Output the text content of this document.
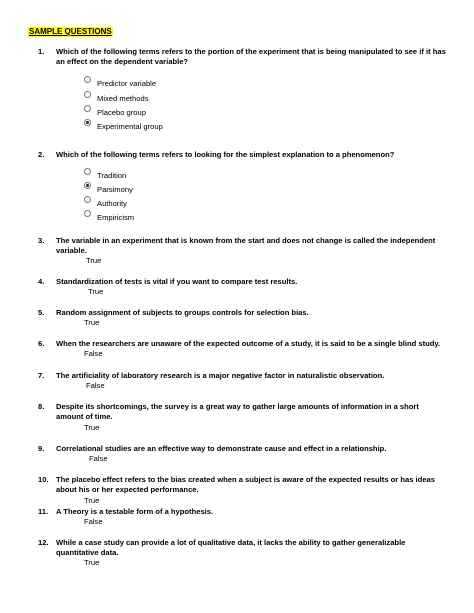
SAMPLE QUESTIONS
1.	Which of the following terms refers to the portion of the experiment that is being manipulated to see if it has an effect on the dependent variable?
Predictor variable
Mixed methods
Placebo group
Experimental group
2.	Which of the following terms refers to looking for the simplest explanation to a phenomenon?
Tradition
Parsimony
Authority
Empiricism
3.	The variable in an experiment that is known from the start and does not change is called the independent variable.
True
4.	Standardization of tests is vital if you want to compare test results.
True
5.	Random assignment of subjects to groups controls for selection bias.
True
6.	When the researchers are unaware of the expected outcome of a study, it is said to be a single blind study.
False
7.	The artificiality of laboratory research is a major negative factor in naturalistic observation.
False
8.	Despite its shortcomings, the survey is a great way to gather large amounts of information in a short amount of time.
True
9.	Correlational studies are an effective way to demonstrate cause and effect in a relationship.
False
10. The placebo effect refers to the bias created when a subject is aware of the expected results or has ideas about his or her expected performance.
True
11.	A Theory is a testable form of a hypothesis.
False
12. While a case study can provide a lot of qualitative data, it lacks the ability to gather generalizable quantitative data.
True
